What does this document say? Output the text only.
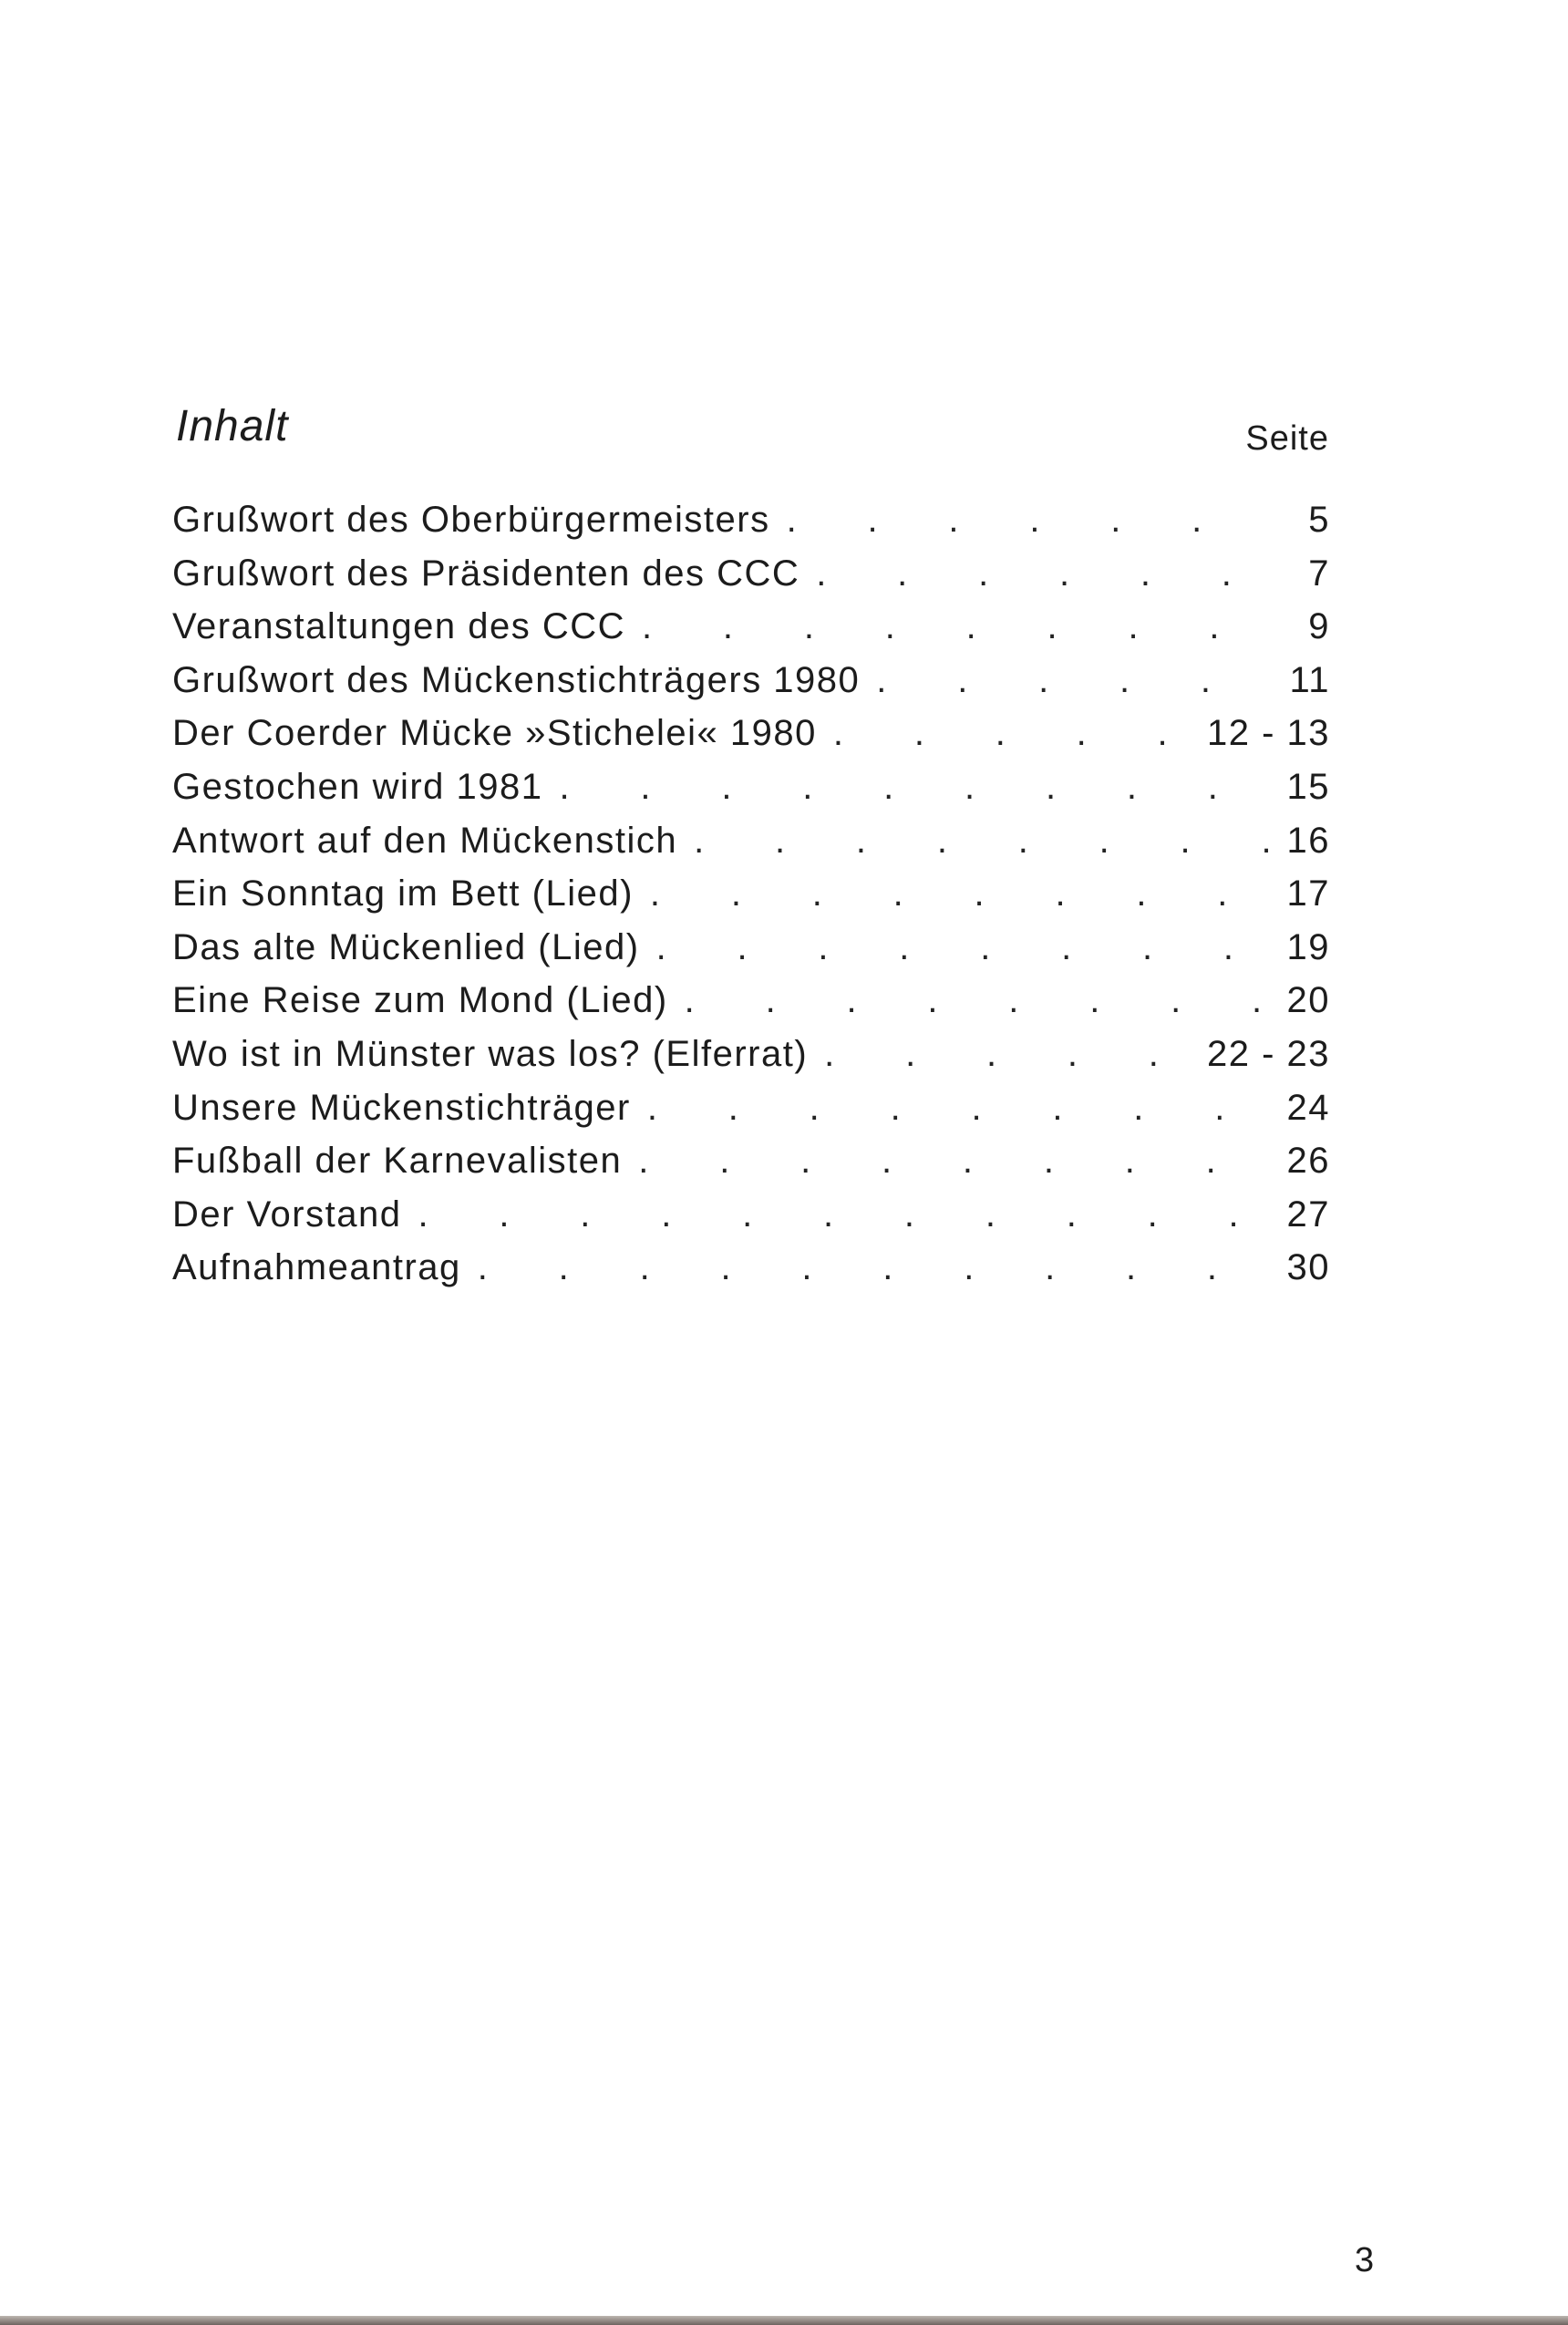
Inhalt	Seite
Grußwort des Oberbürgermeisters .	5
Grußwort des Präsidenten des CCC .	7
Veranstaltungen des CCC .	9
Grußwort des Mückenstichträgers 1980 .	11
Der Coerder Mücke »Stichelei« 1980 .	12 - 13
Gestochen wird 1981 .	15
Antwort auf den Mückenstich .	16
Ein Sonntag im Bett (Lied) .	17
Das alte Mückenlied (Lied) .	19
Eine Reise zum Mond (Lied) .	20
Wo ist in Münster was los? (Elferrat) .	22 - 23
Unsere Mückenstichträger .	24
Fußball der Karnevalisten .	26
Der Vorstand .	27
Aufnahmeantrag .	30
3
